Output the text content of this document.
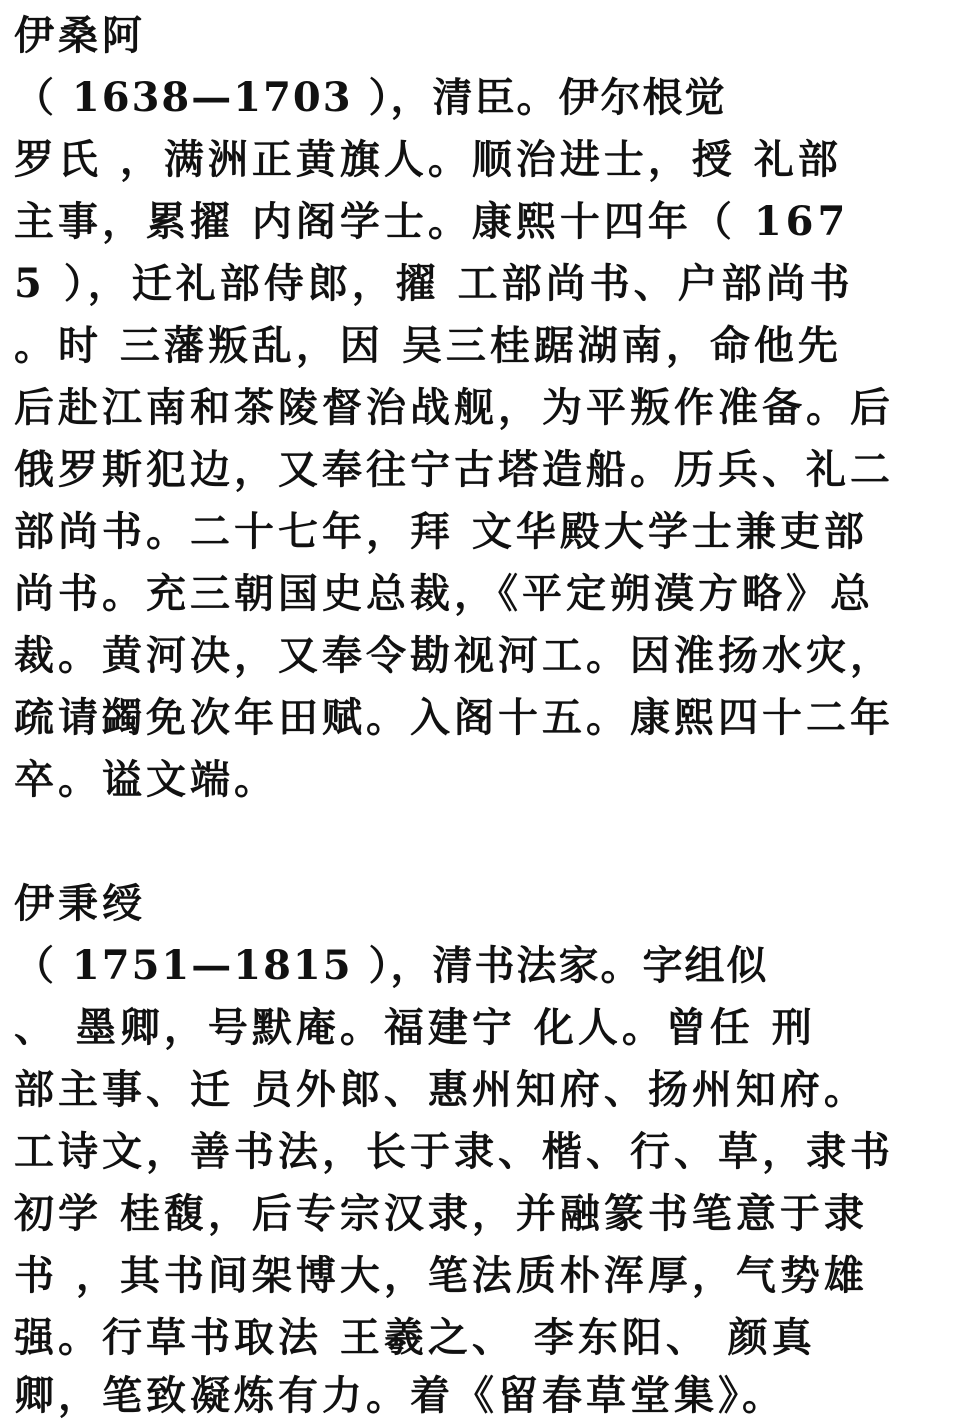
伊桑阿
（ 1638—1703 ），清臣。伊尔根觉
罗氏 ，满洲正黄旗人。顺治进士，授 礼部
主事，累擢 内阁学士。康熙十四年（ 167
5 ），迁礼部侍郎，擢 工部尚书、户部尚书
。时 三藩叛乱，因 吴三桂踞湖南，命他先
后赴江南和茶陵督治战舰，为平叛作准备。后
俄罗斯犯边，又奉往宁古塔造船。历兵、礼二
部尚书。二十七年，拜 文华殿大学士兼吏部
尚书。充三朝国史总裁，《平定朔漠方略》总
裁。黄河决，又奉令勘视河工。因淮扬水灾，
疏请蠲免次年田赋。入阁十五。康熙四十二年
卒。谥文端。
伊秉绶
（ 1751—1815 ），清书法家。字组似
、 墨卿，号默庵。福建宁 化人。曾任 刑
部主事、迁 员外郎、惠州知府、扬州知府。
工诗文，善书法，长于隶、楷、行、草，隶书
初学 桂馥，后专宗汉隶，并融篆书笔意于隶
书 ，其书间架博大，笔法质朴浑厚，气势雄
强。行草书取法 王羲之、 李东阳、 颜真
卿，笔致凝炼有力。着《留春草堂集》。
